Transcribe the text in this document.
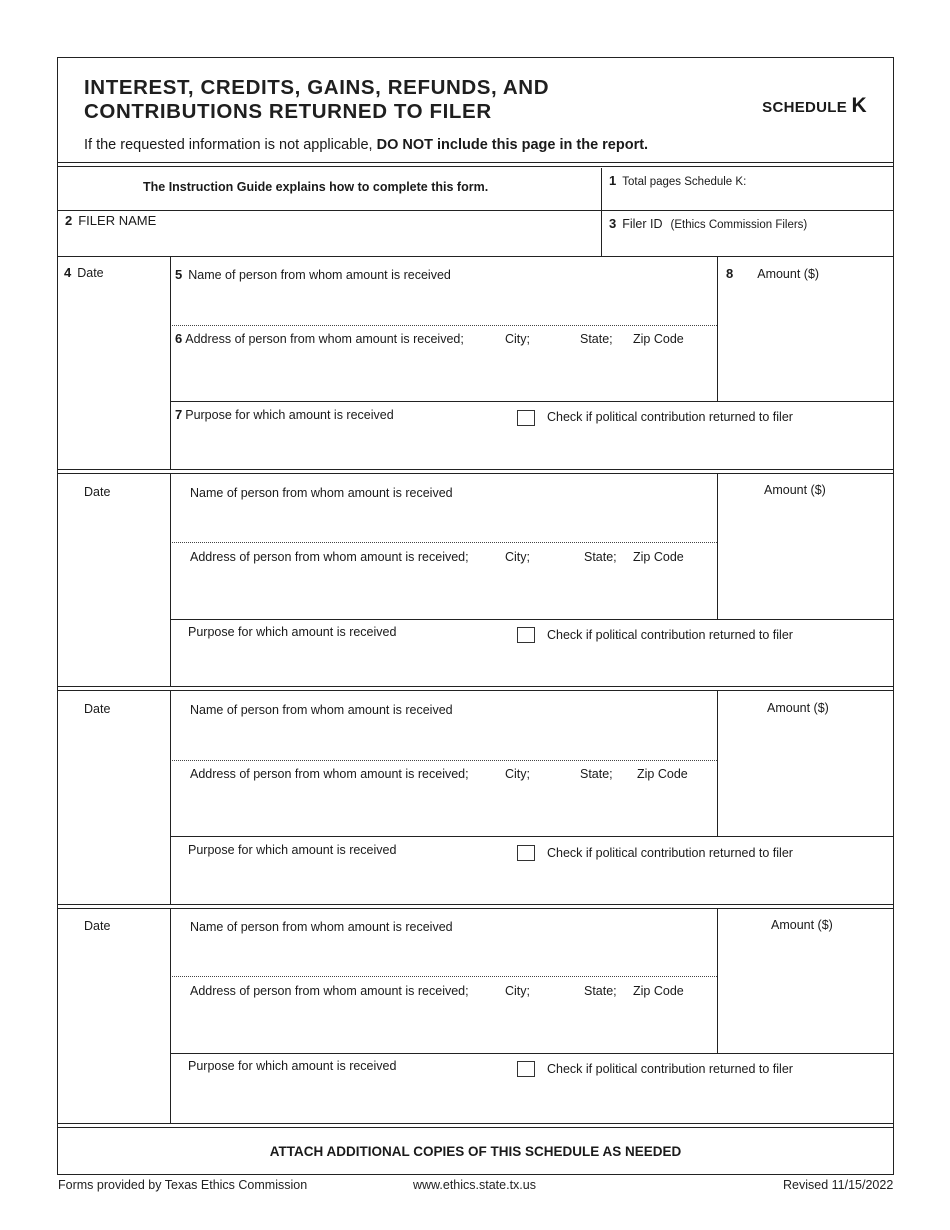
INTEREST, CREDITS, GAINS, REFUNDS, AND
CONTRIBUTIONS RETURNED TO FILER	SCHEDULE K
If the requested information is not applicable, DO NOT include this page in the report.
The Instruction Guide explains how to complete this form.	1 Total pages Schedule K:
2 FILER NAME	3 Filer ID (Ethics Commission Filers)
4 Date	5 Name of person from whom amount is received	8 Amount ($)
6 Address of person from whom amount is received;	City;	State; Zip Code
7 Purpose for which amount is received	Check if political contribution returned to filer
Date	Name of person from whom amount is received	Amount ($)
Address of person from whom amount is received;	City;	State; Zip Code
Purpose for which amount is received	Check if political contribution returned to filer
Date	Name of person from whom amount is received	Amount ($)
Address of person from whom amount is received;	City;	State; Zip Code
Purpose for which amount is received	Check if political contribution returned to filer
Date	Name of person from whom amount is received	Amount ($)
Address of person from whom amount is received;	City;	State; Zip Code
Purpose for which amount is received	Check if political contribution returned to filer
ATTACH ADDITIONAL COPIES OF THIS SCHEDULE AS NEEDED
Forms provided by Texas Ethics Commission	www.ethics.state.tx.us	Revised 11/15/2022
